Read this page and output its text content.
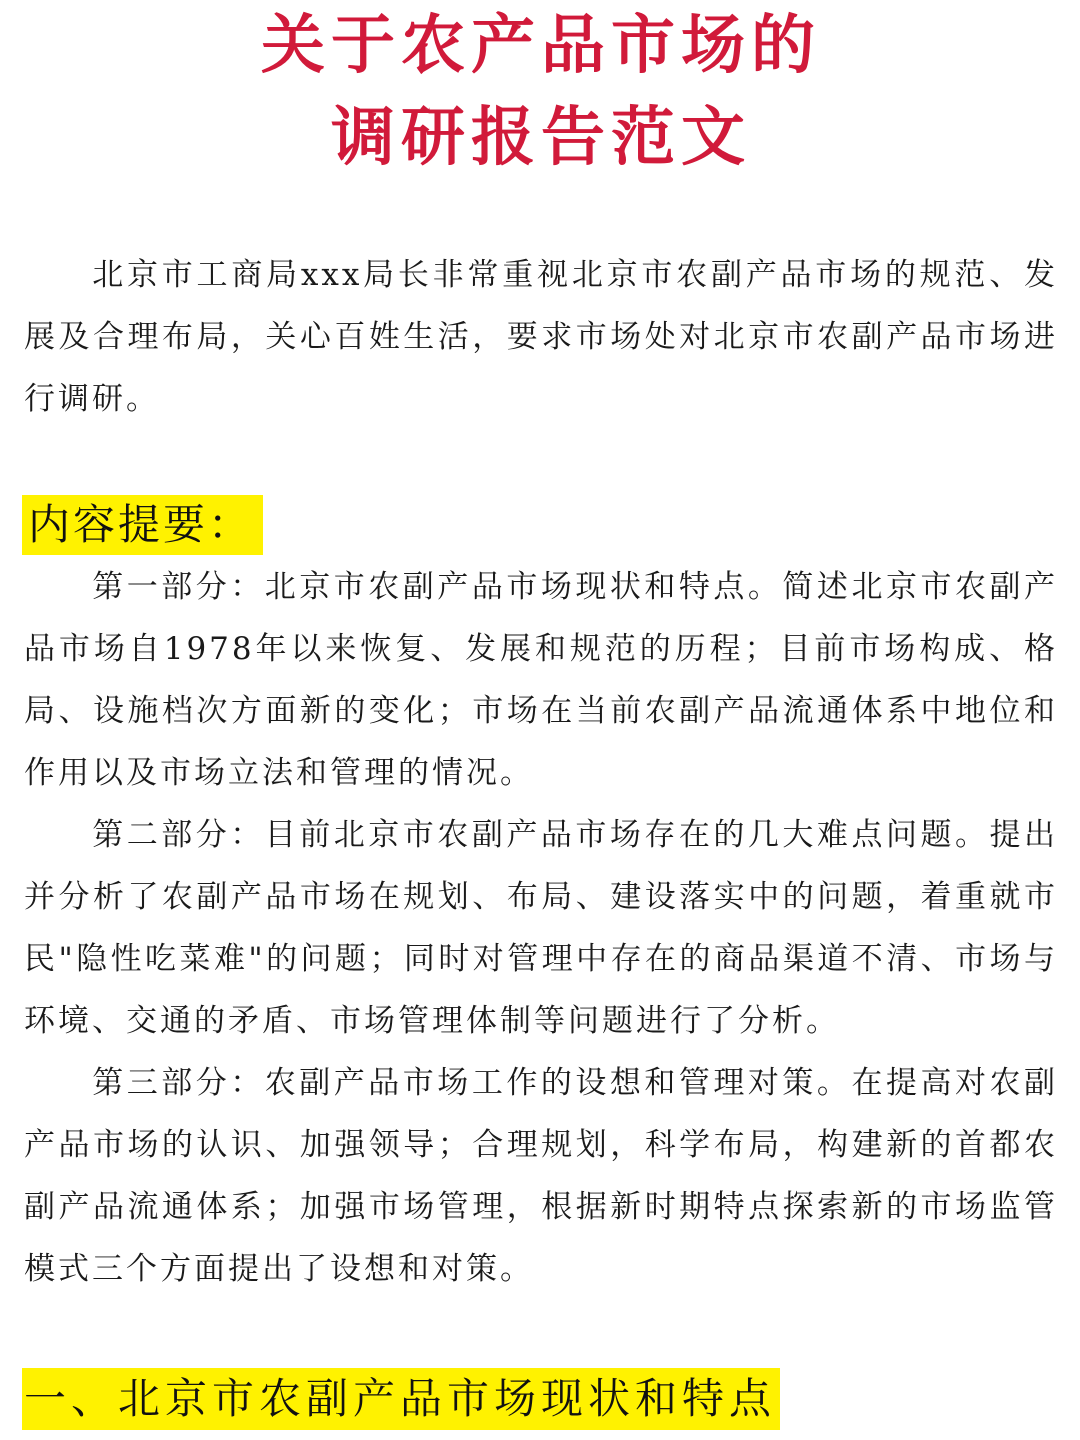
关于农产品市场的
调研报告范文

北京市工商局xxx局长非常重视北京市农副产品市场的规范、发展及合理布局，关心百姓生活，要求市场处对北京市农副产品市场进行调研。

内容提要：

第一部分：北京市农副产品市场现状和特点。简述北京市农副产品市场自1978年以来恢复、发展和规范的历程；目前市场构成、格局、设施档次方面新的变化；市场在当前农副产品流通体系中地位和作用以及市场立法和管理的情况。

第二部分：目前北京市农副产品市场存在的几大难点问题。提出并分析了农副产品市场在规划、布局、建设落实中的问题，着重就市民"隐性吃菜难"的问题；同时对管理中存在的商品渠道不清、市场与环境、交通的矛盾、市场管理体制等问题进行了分析。

第三部分：农副产品市场工作的设想和管理对策。在提高对农副产品市场的认识、加强领导；合理规划，科学布局，构建新的首都农副产品流通体系；加强市场管理，根据新时期特点探索新的市场监管模式三个方面提出了设想和对策。

一、北京市农副产品市场现状和特点
